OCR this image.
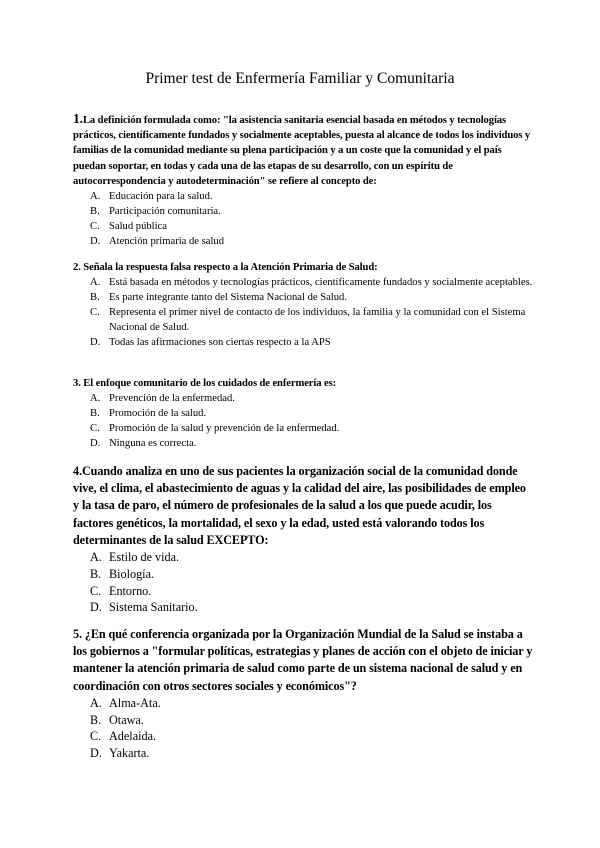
Primer test de Enfermería Familiar y Comunitaria

1.La definición formulada como: "la asistencia sanitaria esencial basada en métodos y tecnologías prácticos, científicamente fundados y socialmente aceptables, puesta al alcance de todos los individuos y familias de la comunidad mediante su plena participación y a un coste que la comunidad y el país puedan soportar, en todas y cada una de las etapas de su desarrollo, con un espíritu de autocorrespondencia y autodeterminación" se refiere al concepto de:

A. Educación para la salud.
B. Participación comunitaria.
C. Salud pública
D. Atención primaria de salud

2. Señala la respuesta falsa respecto a la Atención Primaria de Salud:

A. Está basada en métodos y tecnologías prácticos, científicamente fundados y socialmente aceptables.
B. Es parte integrante tanto del Sistema Nacional de Salud.
C. Representa el primer nivel de contacto de los individuos, la familia y la comunidad con el Sistema Nacional de Salud.
D. Todas las afirmaciones son ciertas respecto a la APS

3. El enfoque comunitario de los cuidados de enfermería es:

A. Prevención de la enfermedad.
B. Promoción de la salud.
C. Promoción de la salud y prevención de la enfermedad.
D. Ninguna es correcta.

4.Cuando analiza en uno de sus pacientes la organización social de la comunidad donde vive, el clima, el abastecimiento de aguas y la calidad del aire, las posibilidades de empleo y la tasa de paro, el número de profesionales de la salud a los que puede acudir, los factores genéticos, la mortalidad, el sexo y la edad, usted está valorando todos los determinantes de la salud EXCEPTO:

A. Estilo de vida.
B. Biología.
C. Entorno.
D. Sistema Sanitario.

5. ¿En qué conferencia organizada por la Organización Mundial de la Salud se instaba a los gobiernos a "formular políticas, estrategias y planes de acción con el objeto de iniciar y mantener la atención primaria de salud como parte de un sistema nacional de salud y en coordinación con otros sectores sociales y económicos"?

A. Alma-Ata.
B. Otawa.
C. Adelaida.
D. Yakarta.
